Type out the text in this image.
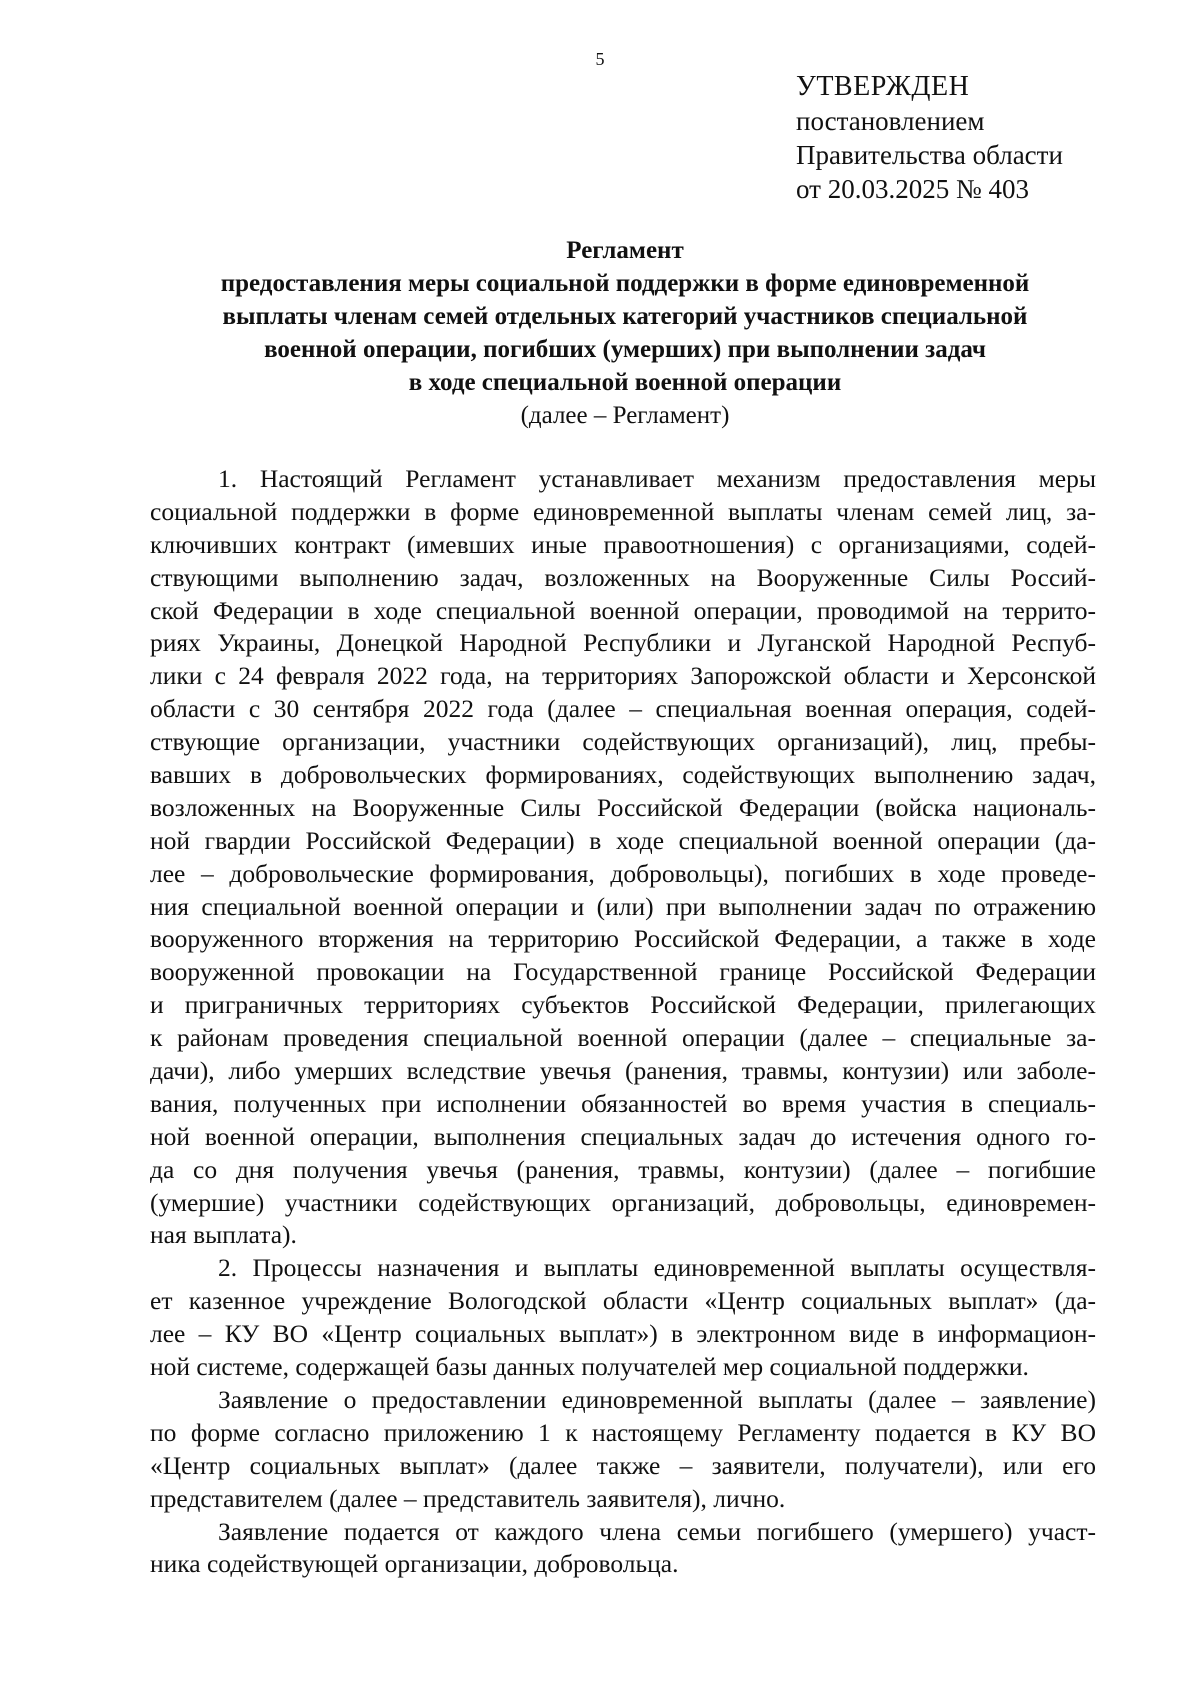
5
УТВЕРЖДЕН
постановлением
Правительства области
от 20.03.2025 № 403
Регламент
предоставления меры социальной поддержки в форме единовременной
выплаты членам семей отдельных категорий участников специальной
военной операции, погибших (умерших) при выполнении задач
в ходе специальной военной операции
(далее – Регламент)
1. Настоящий Регламент устанавливает механизм предоставления меры
социальной поддержки в форме единовременной выплаты членам семей лиц, за-
ключивших контракт (имевших иные правоотношения) с организациями, содей-
ствующими выполнению задач, возложенных на Вооруженные Силы Россий-
ской Федерации в ходе специальной военной операции, проводимой на террито-
риях Украины, Донецкой Народной Республики и Луганской Народной Респуб-
лики с 24 февраля 2022 года, на территориях Запорожской области и Херсонской
области с 30 сентября 2022 года (далее – специальная военная операция, содей-
ствующие организации, участники содействующих организаций), лиц, пребы-
вавших в добровольческих формированиях, содействующих выполнению задач,
возложенных на Вооруженные Силы Российской Федерации (войска националь-
ной гвардии Российской Федерации) в ходе специальной военной операции (да-
лее – добровольческие формирования, добровольцы), погибших в ходе проведе-
ния специальной военной операции и (или) при выполнении задач по отражению
вооруженного вторжения на территорию Российской Федерации, а также в ходе
вооруженной провокации на Государственной границе Российской Федерации
и приграничных территориях субъектов Российской Федерации, прилегающих
к районам проведения специальной военной операции (далее – специальные за-
дачи), либо умерших вследствие увечья (ранения, травмы, контузии) или заболе-
вания, полученных при исполнении обязанностей во время участия в специаль-
ной военной операции, выполнения специальных задач до истечения одного го-
да со дня получения увечья (ранения, травмы, контузии) (далее – погибшие
(умершие) участники содействующих организаций, добровольцы, единовремен-
ная выплата).
2. Процессы назначения и выплаты единовременной выплаты осуществля-
ет казенное учреждение Вологодской области «Центр социальных выплат» (да-
лее – КУ ВО «Центр социальных выплат») в электронном виде в информацион-
ной системе, содержащей базы данных получателей мер социальной поддержки.
Заявление о предоставлении единовременной выплаты (далее – заявление)
по форме согласно приложению 1 к настоящему Регламенту подается в КУ ВО
«Центр социальных выплат» (далее также – заявители, получатели), или его
представителем (далее – представитель заявителя), лично.
Заявление подается от каждого члена семьи погибшего (умершего) участ-
ника содействующей организации, добровольца.
